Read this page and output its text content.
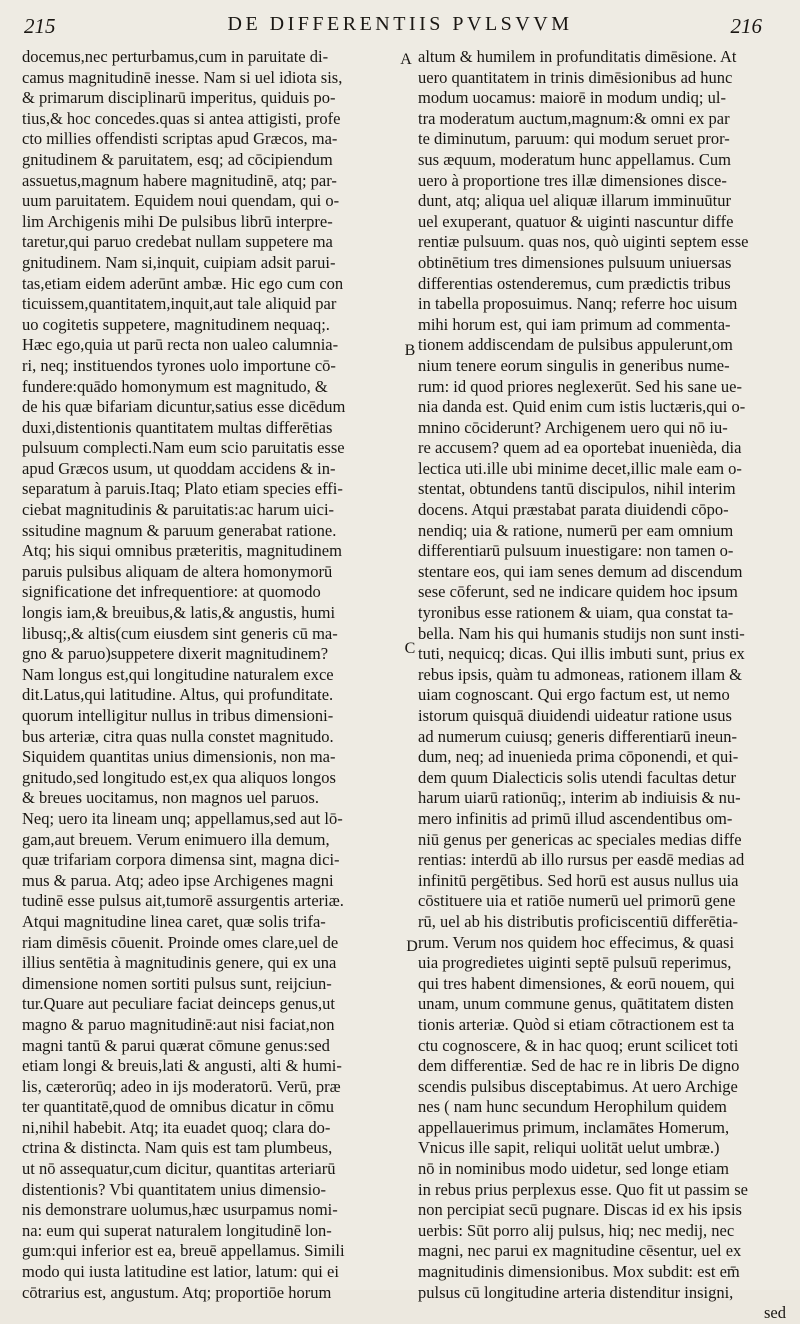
215	DE DIFFERENTIIS PVLSVVM	216
docemus,nec perturbamus,cum in paruitate di-
camus magnitudinē inesse. Nam si uel idiota sis,
& primarum disciplinarū imperitus, quiduis po-
tius,& hoc concedes.quas si antea attigisti, profe
cto millies offendisti scriptas apud Græcos, ma-
gnitudinem & paruitatem, esq; ad cōcipiendum
assuetus,magnum habere magnitudinē, atq; par-
uum paruitatem. Equidem noui quendam, qui o-
lim Archigenis mihi De pulsibus librū interpre-
taretur,qui paruo credebat nullam suppetere ma
gnitudinem. Nam si,inquit, cuipiam adsit parui-
tas,etiam eidem aderūnt ambæ. Hic ego cum con
ticuissem,quantitatem,inquit,aut tale aliquid par
uo cogitetis suppetere, magnitudinem nequaq;.
Hæc ego,quia ut parū recta non ualeo calumnia-
ri, neq; instituendos tyrones uolo importune cō-
fundere:quādo homonymum est magnitudo, &
de his quæ bifariam dicuntur,satius esse dicēdum
duxi,distentionis quantitatem multas differētias
pulsuum complecti.Nam eum scio paruitatis esse
apud Græcos usum, ut quoddam accidens & in-
separatum à paruis.Itaq; Plato etiam species effi-
ciebat magnitudinis & paruitatis:ac harum uici-
ssitudine magnum & paruum generabat ratione.
Atq; his siqui omnibus præteritis, magnitudinem
paruis pulsibus aliquam de altera homonymorū
significatione det infrequentiore: at quomodo
longis iam,& breuibus,& latis,& angustis, humi
libusq;,& altis(cum eiusdem sint generis cū ma-
gno & paruo)suppetere dixerit magnitudinem?
Nam longus est,qui longitudine naturalem exce
dit.Latus,qui latitudine. Altus, qui profunditate.
quorum intelligitur nullus in tribus dimensioni-
bus arteriæ, citra quas nulla constet magnitudo.
Siquidem quantitas unius dimensionis, non ma-
gnitudo,sed longitudo est,ex qua aliquos longos
& breues uocitamus, non magnos uel paruos.
Neq; uero ita lineam unq; appellamus,sed aut lō-
gam,aut breuem. Verum enimuero illa demum,
quæ trifariam corpora dimensa sint, magna dici-
mus & parua. Atq; adeo ipse Archigenes magni
tudinē esse pulsus ait,tumorē assurgentis arteriæ.
Atqui magnitudine linea caret, quæ solis trifa-
riam dimēsis cōuenit. Proinde omes clare,uel de
illius sentētia à magnitudinis genere, qui ex una
dimensione nomen sortiti pulsus sunt, reijciun-
tur.Quare aut peculiare faciat deinceps genus,ut
magno & paruo magnitudinē:aut nisi faciat,non
magni tantū & parui quærat cōmune genus:sed
etiam longi & breuis,lati & angusti, alti & humi-
lis, cæterorūq; adeo in ijs moderatorū. Verū, præ
ter quantitatē,quod de omnibus dicatur in cōmu
ni,nihil habebit. Atq; ita euadet quoq; clara do-
ctrina & distincta. Nam quis est tam plumbeus,
ut nō assequatur,cum dicitur, quantitas arteriarū
distentionis? Vbi quantitatem unius dimensio-
nis demonstrare uolumus,hæc usurpamus nomi-
na: eum qui superat naturalem longitudinē lon-
gum:qui inferior est ea, breuē appellamus. Simili
modo qui iusta latitudine est latior, latum: qui ei
cōtrarius est, angustum. Atq; proportiōe horum
altum & humilem in profunditatis dimēsione. At
uero quantitatem in trinis dimēsionibus ad hunc
modum uocamus: maiorē in modum undiq; ul-
tra moderatum auctum,magnum:& omni ex par
te diminutum, paruum: qui modum seruet pror-
sus æquum, moderatum hunc appellamus. Cum
uero à proportione tres illæ dimensiones disce-
dunt, atq; aliqua uel aliquæ illarum imminuūtur
uel exuperant, quatuor & uiginti nascuntur diffe
rentiæ pulsuum. quas nos, quò uiginti septem esse
obtinētium tres dimensiones pulsuum uniuersas
differentias ostenderemus, cum prædictis tribus
in tabella proposuimus. Nanq; referre hoc uisum
mihi horum est, qui iam primum ad commenta-
tionem addiscendam de pulsibus appulerunt,om
nium tenere eorum singulis in generibus nume-
rum: id quod priores neglexerūt. Sed his sane ue-
nia danda est. Quid enim cum istis luctæris,qui o-
mnino cōciderunt? Archigenem uero qui nō iu-
re accusem? quem ad ea oportebat inuenièda, dia
lectica uti.ille ubi minime decet,illic male eam o-
stentat, obtundens tantū discipulos, nihil interim
docens. Atqui præstabat parata diuidendi cōpo-
nendiq; uia & ratione, numerū per eam omnium
differentiarū pulsuum inuestigare: non tamen o-
stentare eos, qui iam senes demum ad discendum
sese cōferunt, sed ne indicare quidem hoc ipsum
tyronibus esse rationem & uiam, qua constat ta-
bella. Nam his qui humanis studijs non sunt insti-
tuti, nequicq; dicas. Qui illis imbuti sunt, prius ex
rebus ipsis, quàm tu admoneas, rationem illam &
uiam cognoscant. Qui ergo factum est, ut nemo
istorum quisquā diuidendi uideatur ratione usus
ad numerum cuiusq; generis differentiarū ineun-
dum, neq; ad inuenieda prima cōponendi, et qui-
dem quum Dialecticis solis utendi facultas detur
harum uiarū rationūq;, interim ab indiuisis & nu-
mero infinitis ad primū illud ascendentibus om-
niū genus per genericas ac speciales medias diffe
rentias: interdū ab illo rursus per easdē medias ad
infinitū pergētibus. Sed horū est ausus nullus uia
cōstituere uia et ratiōe numerū uel primorū gene
rū, uel ab his distributis proficiscentiū differētia-
rum. Verum nos quidem hoc effecimus, & quasi
uia progredietes uiginti septē pulsuū reperimus,
qui tres habent dimensiones, & eorū nouem, qui
unam, unum commune genus, quātitatem disten
tionis arteriæ. Quòd si etiam cōtractionem est ta
ctu cognoscere, & in hac quoq; erunt scilicet toti
dem differentiæ. Sed de hac re in libris De digno
scendis pulsibus disceptabimus. At uero Archige
nes ( nam hunc secundum Herophilum quidem
appellauerimus primum, inclamātes Homerum,
Vnicus ille sapit, reliqui uolitāt uelut umbræ.)
nō in nominibus modo uidetur, sed longe etiam
in rebus prius perplexus esse. Quo fit ut passim se
non percipiat secū pugnare. Discas id ex his ipsis
uerbis: Sūt porro alij pulsus, hiq; nec medij, nec
magni, nec parui ex magnitudine cēsentur, uel ex
magnitudinis dimensionibus. Mox subdit: est em̄
pulsus cū longitudine arteria distenditur insigni,
sed
A
B
C
D
